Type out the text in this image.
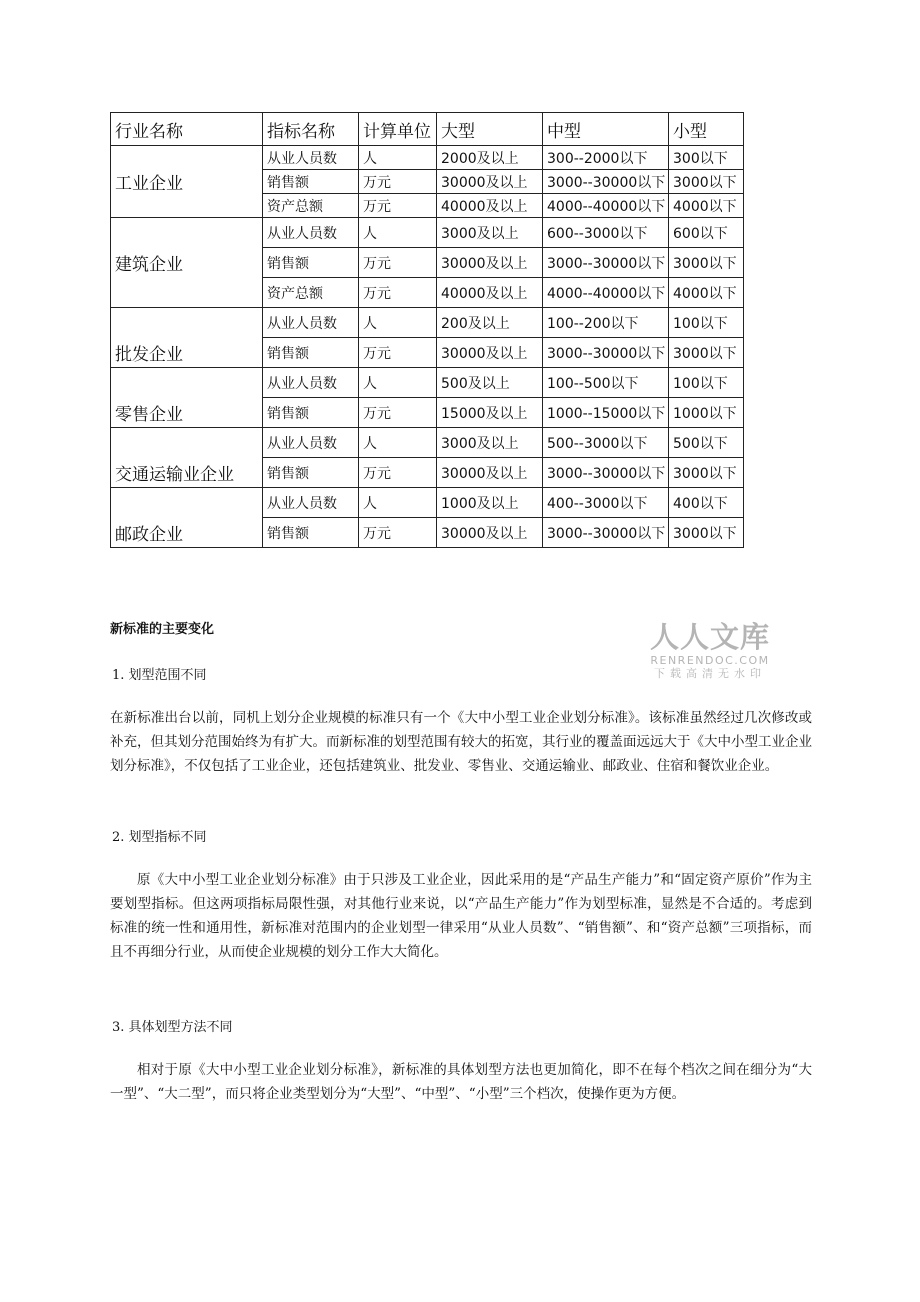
行业名称	指标名称	计算单位	大型	中型	小型
工业企业	从业人员数	人	2000及以上	300--2000以下	300以下
	销售额	万元	30000及以上	3000--30000以下	3000以下
	资产总额	万元	40000及以上	4000--40000以下	4000以下
建筑企业	从业人员数	人	3000及以上	600--3000以下	600以下
	销售额	万元	30000及以上	3000--30000以下	3000以下
	资产总额	万元	40000及以上	4000--40000以下	4000以下
批发企业	从业人员数	人	200及以上	100--200以下	100以下
	销售额	万元	30000及以上	3000--30000以下	3000以下
零售企业	从业人员数	人	500及以上	100--500以下	100以下
	销售额	万元	15000及以上	1000--15000以下	1000以下
交通运输业企业	从业人员数	人	3000及以上	500--3000以下	500以下
	销售额	万元	30000及以上	3000--30000以下	3000以下
邮政企业	从业人员数	人	1000及以上	400--3000以下	400以下
	销售额	万元	30000及以上	3000--30000以下	3000以下
人人文库
RENRENDOC.COM
下载高清无水印
新标准的主要变化
1. 划型范围不同

在新标准出台以前，同机上划分企业规模的标准只有一个《大中小型工业企业划分标准》。该标准虽然经过几次修改或补充，但其划分范围始终为有扩大。而新标准的划型范围有较大的拓宽，其行业的覆盖面远远大于《大中小型工业企业划分标准》，不仅包括了工业企业，还包括建筑业、批发业、零售业、交通运输业、邮政业、住宿和餐饮业企业。

2. 划型指标不同

原《大中小型工业企业划分标准》由于只涉及工业企业，因此采用的是“产品生产能力”和“固定资产原价”作为主要划型指标。但这两项指标局限性强，对其他行业来说，以“产品生产能力”作为划型标准，显然是不合适的。考虑到标准的统一性和通用性，新标准对范围内的企业划型一律采用“从业人员数”、“销售额”、和“资产总额”三项指标，而且不再细分行业，从而使企业规模的划分工作大大简化。

3. 具体划型方法不同

相对于原《大中小型工业企业划分标准》，新标准的具体划型方法也更加简化，即不在每个档次之间在细分为“大一型”、“大二型”，而只将企业类型划分为“大型”、“中型”、“小型”三个档次，使操作更为方便。
